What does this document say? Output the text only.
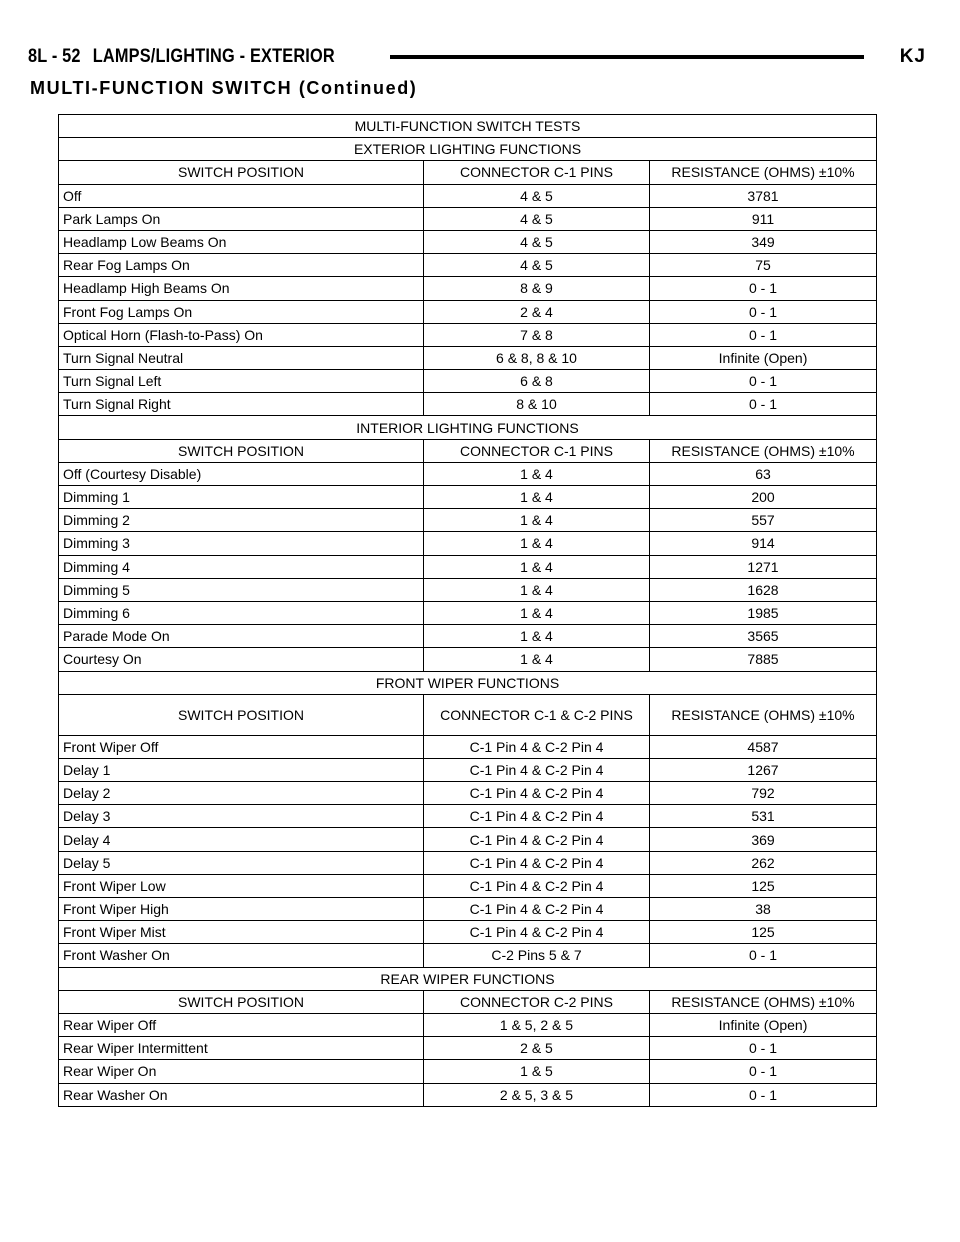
8L - 52 LAMPS/LIGHTING - EXTERIOR	KJ
MULTI-FUNCTION SWITCH (Continued)
MULTI-FUNCTION SWITCH TESTS		
EXTERIOR LIGHTING FUNCTIONS		
SWITCH POSITION	CONNECTOR C-1 PINS	RESISTANCE (OHMS) ±10%
Off	4 & 5	3781
Park Lamps On	4 & 5	911
Headlamp Low Beams On	4 & 5	349
Rear Fog Lamps On	4 & 5	75
Headlamp High Beams On	8 & 9	0 - 1
Front Fog Lamps On	2 & 4	0 - 1
Optical Horn (Flash-to-Pass) On	7 & 8	0 - 1
Turn Signal Neutral	6 & 8, 8 & 10	Infinite (Open)
Turn Signal Left	6 & 8	0 - 1
Turn Signal Right	8 & 10	0 - 1
INTERIOR LIGHTING FUNCTIONS		
SWITCH POSITION	CONNECTOR C-1 PINS	RESISTANCE (OHMS) ±10%
Off (Courtesy Disable)	1 & 4	63
Dimming 1	1 & 4	200
Dimming 2	1 & 4	557
Dimming 3	1 & 4	914
Dimming 4	1 & 4	1271
Dimming 5	1 & 4	1628
Dimming 6	1 & 4	1985
Parade Mode On	1 & 4	3565
Courtesy On	1 & 4	7885
FRONT WIPER FUNCTIONS		
SWITCH POSITION	CONNECTOR C-1 & C-2 PINS	RESISTANCE (OHMS) ±10%
Front Wiper Off	C-1 Pin 4 & C-2 Pin 4	4587
Delay 1	C-1 Pin 4 & C-2 Pin 4	1267
Delay 2	C-1 Pin 4 & C-2 Pin 4	792
Delay 3	C-1 Pin 4 & C-2 Pin 4	531
Delay 4	C-1 Pin 4 & C-2 Pin 4	369
Delay 5	C-1 Pin 4 & C-2 Pin 4	262
Front Wiper Low	C-1 Pin 4 & C-2 Pin 4	125
Front Wiper High	C-1 Pin 4 & C-2 Pin 4	38
Front Wiper Mist	C-1 Pin 4 & C-2 Pin 4	125
Front Washer On	C-2 Pins 5 & 7	0 - 1
REAR WIPER FUNCTIONS		
SWITCH POSITION	CONNECTOR C-2 PINS	RESISTANCE (OHMS) ±10%
Rear Wiper Off	1 & 5, 2 & 5	Infinite (Open)
Rear Wiper Intermittent	2 & 5	0 - 1
Rear Wiper On	1 & 5	0 - 1
Rear Washer On	2 & 5, 3 & 5	0 - 1
